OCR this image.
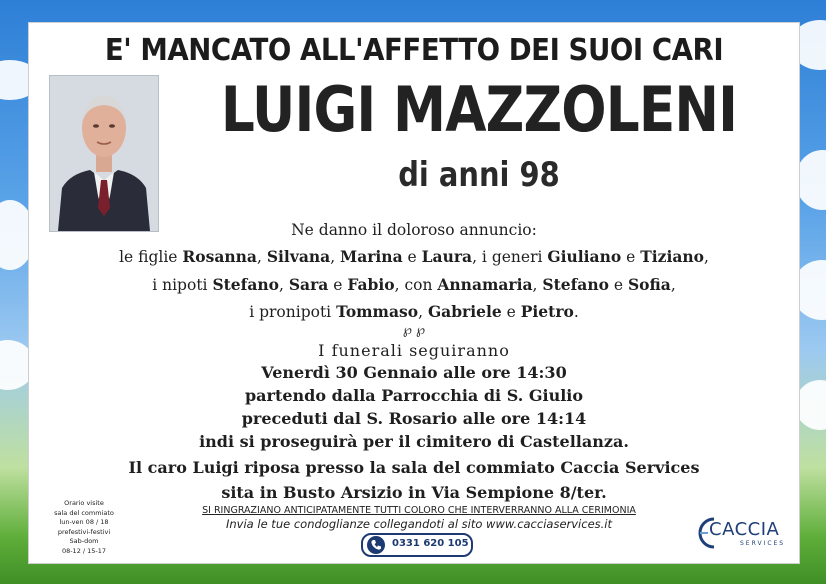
E' MANCATO ALL'AFFETTO DEI SUOI CARI
LUIGI MAZZOLENI
di anni 98
Ne danno il doloroso annuncio:
le figlie Rosanna, Silvana, Marina e Laura, i generi Giuliano e Tiziano,
i nipoti Stefano, Sara e Fabio, con Annamaria, Stefano e Sofia,
i pronipoti Tommaso, Gabriele e Pietro.
℘ ℘
I funerali seguiranno
Venerdì 30 Gennaio alle ore 14:30
partendo dalla Parrocchia di S. Giulio
preceduti dal S. Rosario alle ore 14:14
indi si proseguirà per il cimitero di Castellanza.
Il caro Luigi riposa presso la sala del commiato Caccia Services
sita in Busto Arsizio in Via Sempione 8/ter.
Orario visite
sala del commiato
lun-ven 08 / 18
prefestivi-festivi
Sab-dom
08-12 / 15-17
SI RINGRAZIANO ANTICIPATAMENTE TUTTI COLORO CHE INTERVERRANNO ALLA CERIMONIA
Invia le tue condoglianze collegandoti al sito www.cacciaservices.it
0331 620 105
CACCIA
SERVICES
